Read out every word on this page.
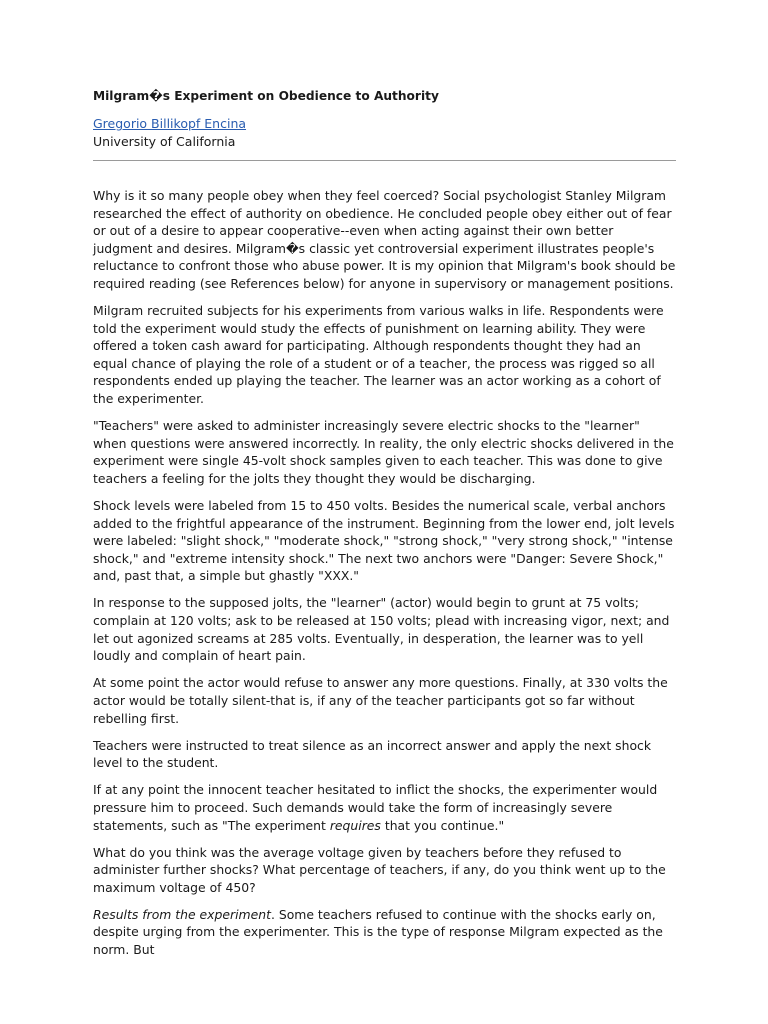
Milgram�s Experiment on Obedience to Authority
Gregorio Billikopf Encina
University of California

Why is it so many people obey when they feel coerced? Social psychologist Stanley Milgram researched the effect of authority on obedience. He concluded people obey either out of fear or out of a desire to appear cooperative--even when acting against their own better judgment and desires. Milgram�s classic yet controversial experiment illustrates people's reluctance to confront those who abuse power. It is my opinion that Milgram's book should be required reading (see References below) for anyone in supervisory or management positions.

Milgram recruited subjects for his experiments from various walks in life. Respondents were told the experiment would study the effects of punishment on learning ability. They were offered a token cash award for participating. Although respondents thought they had an equal chance of playing the role of a student or of a teacher, the process was rigged so all respondents ended up playing the teacher. The learner was an actor working as a cohort of the experimenter.

"Teachers" were asked to administer increasingly severe electric shocks to the "learner" when questions were answered incorrectly. In reality, the only electric shocks delivered in the experiment were single 45-volt shock samples given to each teacher. This was done to give teachers a feeling for the jolts they thought they would be discharging.

Shock levels were labeled from 15 to 450 volts. Besides the numerical scale, verbal anchors added to the frightful appearance of the instrument. Beginning from the lower end, jolt levels were labeled: "slight shock," "moderate shock," "strong shock," "very strong shock," "intense shock," and "extreme intensity shock." The next two anchors were "Danger: Severe Shock," and, past that, a simple but ghastly "XXX."

In response to the supposed jolts, the "learner" (actor) would begin to grunt at 75 volts; complain at 120 volts; ask to be released at 150 volts; plead with increasing vigor, next; and let out agonized screams at 285 volts. Eventually, in desperation, the learner was to yell loudly and complain of heart pain.

At some point the actor would refuse to answer any more questions. Finally, at 330 volts the actor would be totally silent-that is, if any of the teacher participants got so far without rebelling first.

Teachers were instructed to treat silence as an incorrect answer and apply the next shock level to the student.

If at any point the innocent teacher hesitated to inflict the shocks, the experimenter would pressure him to proceed. Such demands would take the form of increasingly severe statements, such as "The experiment requires that you continue."

What do you think was the average voltage given by teachers before they refused to administer further shocks? What percentage of teachers, if any, do you think went up to the maximum voltage of 450?

Results from the experiment. Some teachers refused to continue with the shocks early on, despite urging from the experimenter. This is the type of response Milgram expected as the norm. But
